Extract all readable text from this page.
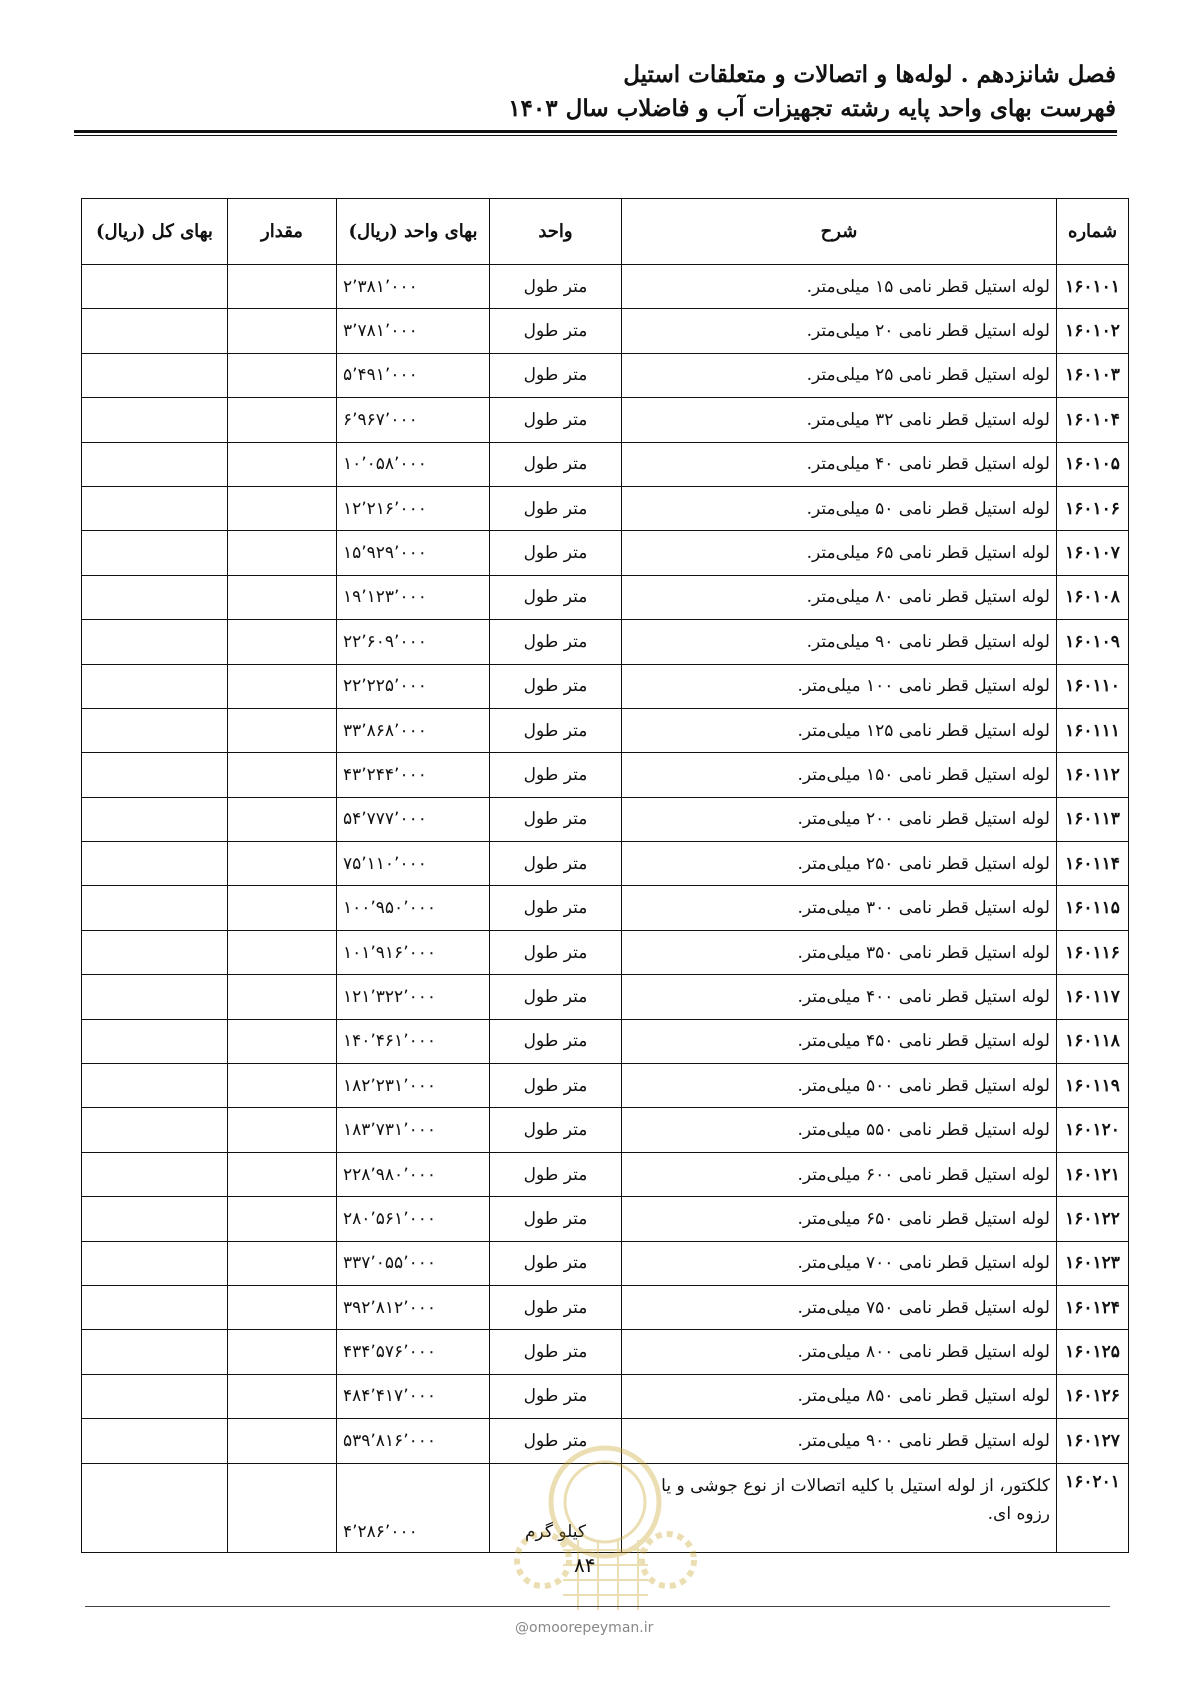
فصل شانزدهم . لوله‌ها و اتصالات و متعلقات استیل
فهرست بهای واحد پایه رشته تجهیزات آب و فاضلاب سال ۱۴۰۳
شماره	شرح	واحد	بهای واحد (ریال)	مقدار	بهای کل (ریال)
۱۶۰۱۰۱	لوله استیل قطر نامی ۱۵ میلی‌متر.	متر طول	۲٬۳۸۱٬۰۰۰		
۱۶۰۱۰۲	لوله استیل قطر نامی ۲۰ میلی‌متر.	متر طول	۳٬۷۸۱٬۰۰۰		
۱۶۰۱۰۳	لوله استیل قطر نامی ۲۵ میلی‌متر.	متر طول	۵٬۴۹۱٬۰۰۰		
۱۶۰۱۰۴	لوله استیل قطر نامی ۳۲ میلی‌متر.	متر طول	۶٬۹۶۷٬۰۰۰		
۱۶۰۱۰۵	لوله استیل قطر نامی ۴۰ میلی‌متر.	متر طول	۱۰٬۰۵۸٬۰۰۰		
۱۶۰۱۰۶	لوله استیل قطر نامی ۵۰ میلی‌متر.	متر طول	۱۲٬۲۱۶٬۰۰۰		
۱۶۰۱۰۷	لوله استیل قطر نامی ۶۵ میلی‌متر.	متر طول	۱۵٬۹۲۹٬۰۰۰		
۱۶۰۱۰۸	لوله استیل قطر نامی ۸۰ میلی‌متر.	متر طول	۱۹٬۱۲۳٬۰۰۰		
۱۶۰۱۰۹	لوله استیل قطر نامی ۹۰ میلی‌متر.	متر طول	۲۲٬۶۰۹٬۰۰۰		
۱۶۰۱۱۰	لوله استیل قطر نامی ۱۰۰ میلی‌متر.	متر طول	۲۲٬۲۲۵٬۰۰۰		
۱۶۰۱۱۱	لوله استیل قطر نامی ۱۲۵ میلی‌متر.	متر طول	۳۳٬۸۶۸٬۰۰۰		
۱۶۰۱۱۲	لوله استیل قطر نامی ۱۵۰ میلی‌متر.	متر طول	۴۳٬۲۴۴٬۰۰۰		
۱۶۰۱۱۳	لوله استیل قطر نامی ۲۰۰ میلی‌متر.	متر طول	۵۴٬۷۷۷٬۰۰۰		
۱۶۰۱۱۴	لوله استیل قطر نامی ۲۵۰ میلی‌متر.	متر طول	۷۵٬۱۱۰٬۰۰۰		
۱۶۰۱۱۵	لوله استیل قطر نامی ۳۰۰ میلی‌متر.	متر طول	۱۰۰٬۹۵۰٬۰۰۰		
۱۶۰۱۱۶	لوله استیل قطر نامی ۳۵۰ میلی‌متر.	متر طول	۱۰۱٬۹۱۶٬۰۰۰		
۱۶۰۱۱۷	لوله استیل قطر نامی ۴۰۰ میلی‌متر.	متر طول	۱۲۱٬۳۲۲٬۰۰۰		
۱۶۰۱۱۸	لوله استیل قطر نامی ۴۵۰ میلی‌متر.	متر طول	۱۴۰٬۴۶۱٬۰۰۰		
۱۶۰۱۱۹	لوله استیل قطر نامی ۵۰۰ میلی‌متر.	متر طول	۱۸۲٬۲۳۱٬۰۰۰		
۱۶۰۱۲۰	لوله استیل قطر نامی ۵۵۰ میلی‌متر.	متر طول	۱۸۳٬۷۳۱٬۰۰۰		
۱۶۰۱۲۱	لوله استیل قطر نامی ۶۰۰ میلی‌متر.	متر طول	۲۲۸٬۹۸۰٬۰۰۰		
۱۶۰۱۲۲	لوله استیل قطر نامی ۶۵۰ میلی‌متر.	متر طول	۲۸۰٬۵۶۱٬۰۰۰		
۱۶۰۱۲۳	لوله استیل قطر نامی ۷۰۰ میلی‌متر.	متر طول	۳۳۷٬۰۵۵٬۰۰۰		
۱۶۰۱۲۴	لوله استیل قطر نامی ۷۵۰ میلی‌متر.	متر طول	۳۹۲٬۸۱۲٬۰۰۰		
۱۶۰۱۲۵	لوله استیل قطر نامی ۸۰۰ میلی‌متر.	متر طول	۴۳۴٬۵۷۶٬۰۰۰		
۱۶۰۱۲۶	لوله استیل قطر نامی ۸۵۰ میلی‌متر.	متر طول	۴۸۴٬۴۱۷٬۰۰۰		
۱۶۰۱۲۷	لوله استیل قطر نامی ۹۰۰ میلی‌متر.	متر طول	۵۳۹٬۸۱۶٬۰۰۰		
۱۶۰۲۰۱	کلکتور، از لوله استیل با کلیه اتصالات از نوع جوشی و یا رزوه ای.	کیلو گرم	۴٬۲۸۶٬۰۰۰		
۸۴
@omoorepeyman.ir
